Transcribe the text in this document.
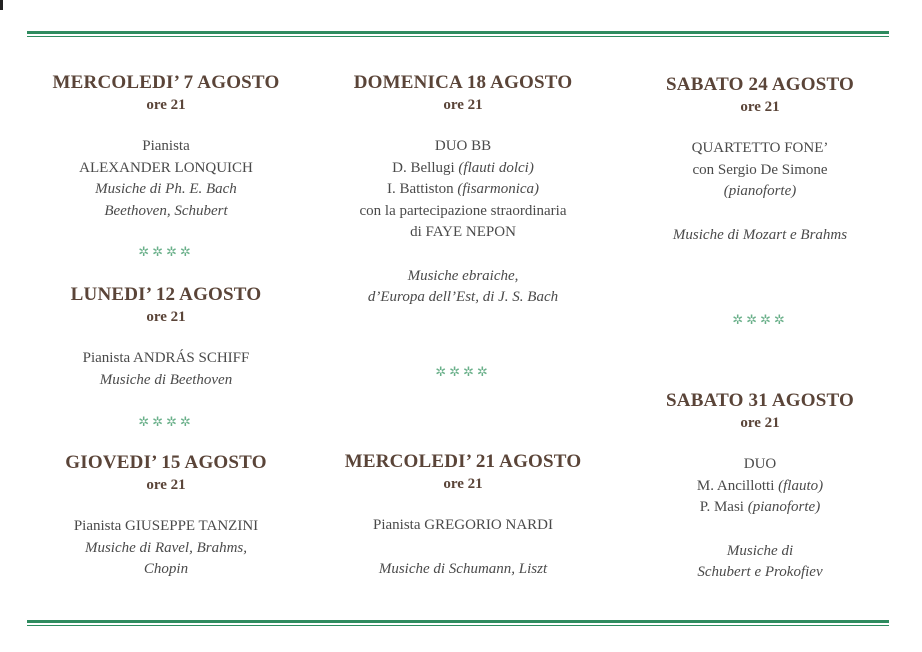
MERCOLEDI’ 7 AGOSTO
ore 21
Pianista
ALEXANDER LONQUICH
Musiche di Ph. E. Bach
Beethoven, Schubert
✲✲✲✲
LUNEDI’ 12 AGOSTO
ore 21
Pianista ANDRÁS SCHIFF
Musiche di Beethoven
✲✲✲✲
GIOVEDI’ 15 AGOSTO
ore 21
Pianista GIUSEPPE TANZINI
Musiche di Ravel, Brahms,
Chopin
DOMENICA 18 AGOSTO
ore 21
DUO BB
D. Bellugi (flauti dolci)
I. Battiston (fisarmonica)
con la partecipazione straordinaria
di FAYE NEPON
Musiche ebraiche,
d’Europa dell’Est, di J. S. Bach
✲✲✲✲
MERCOLEDI’ 21 AGOSTO
ore 21
Pianista GREGORIO NARDI
Musiche di Schumann, Liszt
SABATO 24 AGOSTO
ore 21
QUARTETTO FONE’
con Sergio De Simone
(pianoforte)
Musiche di Mozart e Brahms
✲✲✲✲
SABATO 31 AGOSTO
ore 21
DUO
M. Ancillotti (flauto)
P. Masi (pianoforte)
Musiche di
Schubert e Prokofiev
